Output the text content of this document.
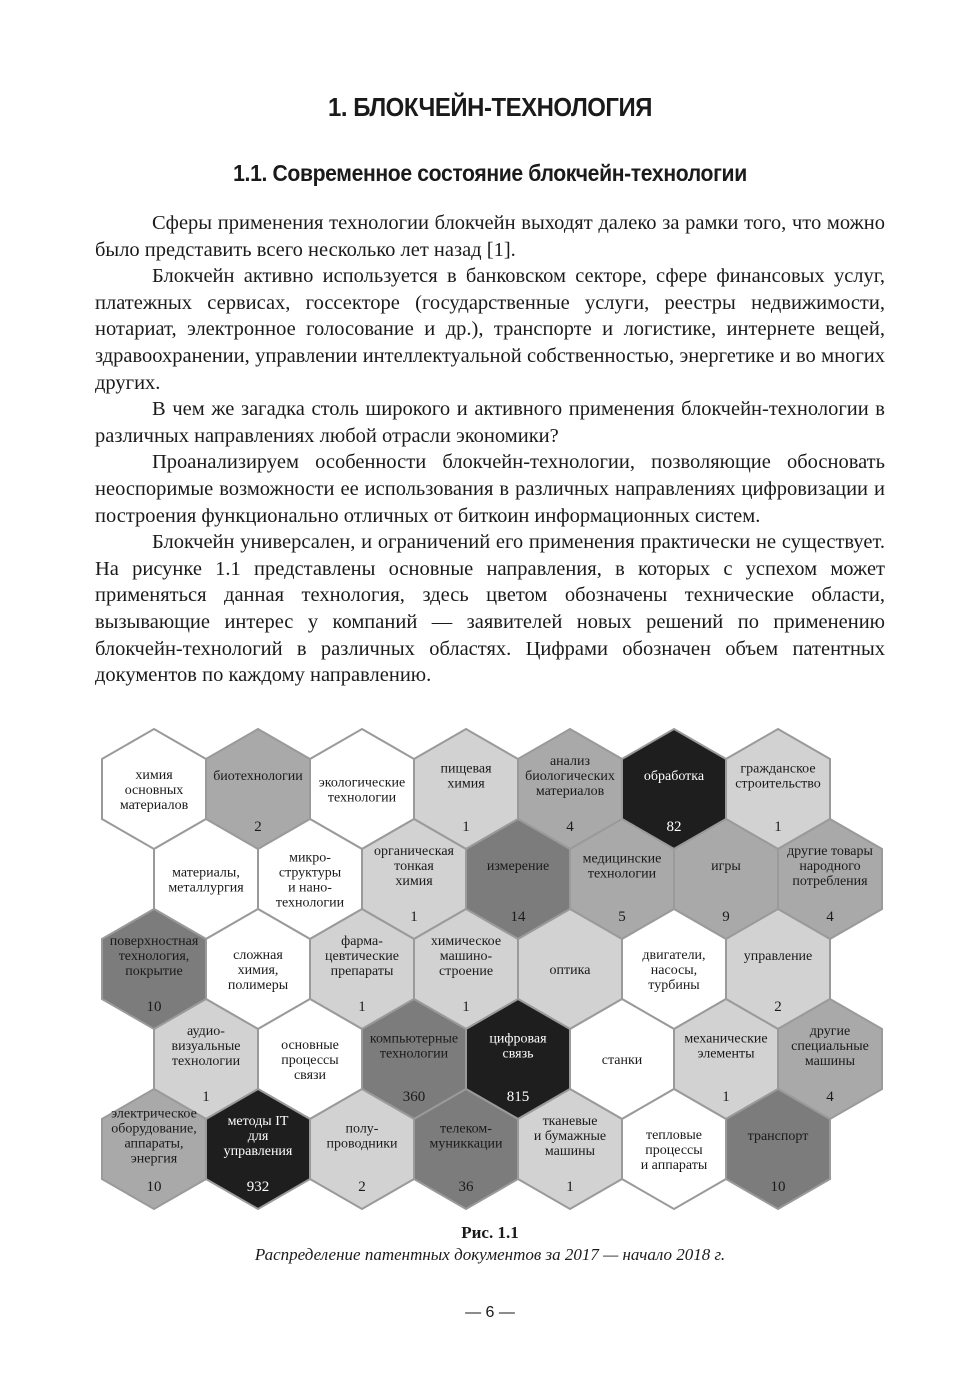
1. БЛОКЧЕЙН-ТЕХНОЛОГИЯ
1.1. Современное состояние блокчейн-технологии

Сферы применения технологии блокчейн выходят далеко за рамки того, что можно было представить всего несколько лет назад [1].

Блокчейн активно используется в банковском секторе, сфере финансовых услуг, платежных сервисах, госсекторе (государственные услуги, реестры недвижимости, нотариат, электронное голосование и др.), транспорте и логистике, интернете вещей, здравоохранении, управлении интеллектуальной собственностью, энергетике и во многих других.

В чем же загадка столь широкого и активного применения блокчейн-технологии в различных направлениях любой отрасли экономики?

Проанализируем особенности блокчейн-технологии, позволяющие обосновать неоспоримые возможности ее использования в различных направлениях цифровизации и построения функционально отличных от биткоин информационных систем.

Блокчейн универсален, и ограничений его применения практически не существует. На рисунке 1.1 представлены основные направления, в которых с успехом может применяться данная технология, здесь цветом обозначены технические области, вызывающие интерес у компаний — заявителей новых решений по применению блокчейн-технологий в различных областях. Цифрами обозначен объем патентных документов по каждому направлению.

химия основных материалов
биотехнологии
2
экологические технологии
пищевая химия
1
анализ биологических материалов
4
обработка
82
гражданское строительство
1
материалы, металлургия
микро-структуры и нано-технологии
органическая тонкая химия
1
измерение
14
медицинские технологии
5
игры
9
другие товары народного потребления
4
поверхностная технология, покрытие
10
сложная химия, полимеры
фарма-цевтические препараты
1
химическое машино-строение
1
оптика
двигатели, насосы, турбины
управление
2
аудио-визуальные технологии
1
основные процессы связи
компьютерные технологии
360
цифровая связь
815
станки
механические элементы
1
другие специальные машины
4
электрическое оборудование, аппараты, энергия
10
методы IT для управления
932
полу-проводники
2
телеком-муниккации
36
тканевые и бумажные машины
1
тепловые процессы и аппараты
транспорт
10
Рис. 1.1
Распределение патентных документов за 2017 — начало 2018 г.
— 6 —
